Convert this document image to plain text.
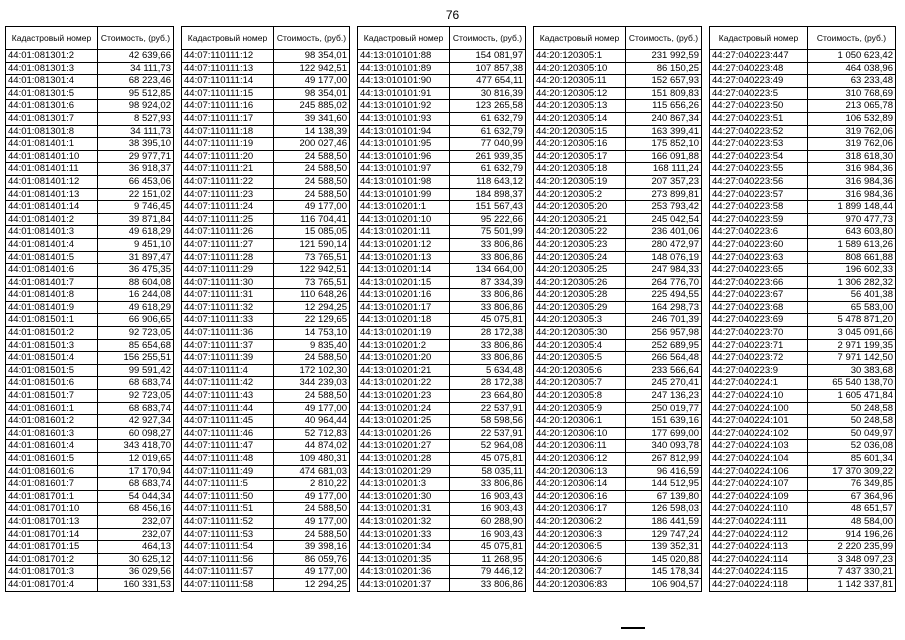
76
Кадастровый номер	Стоимость, (руб.)
44:01:081301:2	42 639,66
44:01:081301:3	34 111,73
44:01:081301:4	68 223,46
44:01:081301:5	95 512,85
44:01:081301:6	98 924,02
44:01:081301:7	8 527,93
44:01:081301:8	34 111,73
44:01:081401:1	38 395,10
44:01:081401:10	29 977,71
44:01:081401:11	36 918,37
44:01:081401:12	66 453,06
44:01:081401:13	22 151,02
44:01:081401:14	9 746,45
44:01:081401:2	39 871,84
44:01:081401:3	49 618,29
44:01:081401:4	9 451,10
44:01:081401:5	31 897,47
44:01:081401:6	36 475,35
44:01:081401:7	88 604,08
44:01:081401:8	16 244,08
44:01:081401:9	49 618,29
44:01:081501:1	66 906,65
44:01:081501:2	92 723,05
44:01:081501:3	85 654,68
44:01:081501:4	156 255,51
44:01:081501:5	99 591,42
44:01:081501:6	68 683,74
44:01:081501:7	92 723,05
44:01:081601:1	68 683,74
44:01:081601:2	42 927,34
44:01:081601:3	60 098,27
44:01:081601:4	343 418,70
44:01:081601:5	12 019,65
44:01:081601:6	17 170,94
44:01:081601:7	68 683,74
44:01:081701:1	54 044,34
44:01:081701:10	68 456,16
44:01:081701:13	232,07
44:01:081701:14	232,07
44:01:081701:15	464,13
44:01:081701:2	30 625,12
44:01:081701:3	36 029,56
44:01:081701:4	160 331,53
Кадастровый номер	Стоимость, (руб.)
44:07:110111:12	98 354,01
44:07:110111:13	122 942,51
44:07:110111:14	49 177,00
44:07:110111:15	98 354,01
44:07:110111:16	245 885,02
44:07:110111:17	39 341,60
44:07:110111:18	14 138,39
44:07:110111:19	200 027,46
44:07:110111:20	24 588,50
44:07:110111:21	24 588,50
44:07:110111:22	24 588,50
44:07:110111:23	24 588,50
44:07:110111:24	49 177,00
44:07:110111:25	116 704,41
44:07:110111:26	15 085,05
44:07:110111:27	121 590,14
44:07:110111:28	73 765,51
44:07:110111:29	122 942,51
44:07:110111:30	73 765,51
44:07:110111:31	110 648,26
44:07:110111:32	12 294,25
44:07:110111:33	22 129,65
44:07:110111:36	14 753,10
44:07:110111:37	9 835,40
44:07:110111:39	24 588,50
44:07:110111:4	172 102,30
44:07:110111:42	344 239,03
44:07:110111:43	24 588,50
44:07:110111:44	49 177,00
44:07:110111:45	40 964,44
44:07:110111:46	52 712,83
44:07:110111:47	44 874,02
44:07:110111:48	109 480,31
44:07:110111:49	474 681,03
44:07:110111:5	2 810,22
44:07:110111:50	49 177,00
44:07:110111:51	24 588,50
44:07:110111:52	49 177,00
44:07:110111:53	24 588,50
44:07:110111:54	39 398,16
44:07:110111:56	86 059,76
44:07:110111:57	49 177,00
44:07:110111:58	12 294,25
Кадастровый номер	Стоимость, (руб.)
44:13:010101:88	154 081,97
44:13:010101:89	107 857,38
44:13:010101:90	477 654,11
44:13:010101:91	30 816,39
44:13:010101:92	123 265,58
44:13:010101:93	61 632,79
44:13:010101:94	61 632,79
44:13:010101:95	77 040,99
44:13:010101:96	261 939,35
44:13:010101:97	61 632,79
44:13:010101:98	118 643,12
44:13:010101:99	184 898,37
44:13:010201:1	151 567,43
44:13:010201:10	95 222,66
44:13:010201:11	75 501,99
44:13:010201:12	33 806,86
44:13:010201:13	33 806,86
44:13:010201:14	134 664,00
44:13:010201:15	87 334,39
44:13:010201:16	33 806,86
44:13:010201:17	33 806,86
44:13:010201:18	45 075,81
44:13:010201:19	28 172,38
44:13:010201:2	33 806,86
44:13:010201:20	33 806,86
44:13:010201:21	5 634,48
44:13:010201:22	28 172,38
44:13:010201:23	23 664,80
44:13:010201:24	22 537,91
44:13:010201:25	58 598,56
44:13:010201:26	22 537,91
44:13:010201:27	52 964,08
44:13:010201:28	45 075,81
44:13:010201:29	58 035,11
44:13:010201:3	33 806,86
44:13:010201:30	16 903,43
44:13:010201:31	16 903,43
44:13:010201:32	60 288,90
44:13:010201:33	16 903,43
44:13:010201:34	45 075,81
44:13:010201:35	11 268,95
44:13:010201:36	79 446,12
44:13:010201:37	33 806,86
Кадастровый номер	Стоимость, (руб.)
44:20:120305:1	231 992,59
44:20:120305:10	86 150,25
44:20:120305:11	152 657,93
44:20:120305:12	151 809,83
44:20:120305:13	115 656,26
44:20:120305:14	240 867,34
44:20:120305:15	163 399,41
44:20:120305:16	175 852,10
44:20:120305:17	166 091,88
44:20:120305:18	168 111,24
44:20:120305:19	207 357,23
44:20:120305:2	273 899,81
44:20:120305:20	253 793,42
44:20:120305:21	245 042,54
44:20:120305:22	236 401,06
44:20:120305:23	280 472,97
44:20:120305:24	148 076,19
44:20:120305:25	247 984,33
44:20:120305:26	264 776,70
44:20:120305:28	225 494,55
44:20:120305:29	164 298,73
44:20:120305:3	246 701,39
44:20:120305:30	256 957,98
44:20:120305:4	252 689,95
44:20:120305:5	266 564,48
44:20:120305:6	233 566,64
44:20:120305:7	245 270,41
44:20:120305:8	247 136,23
44:20:120305:9	250 019,77
44:20:120306:1	151 639,16
44:20:120306:10	177 699,00
44:20:120306:11	340 093,78
44:20:120306:12	267 812,99
44:20:120306:13	96 416,59
44:20:120306:14	144 512,95
44:20:120306:16	67 139,80
44:20:120306:17	126 598,03
44:20:120306:2	186 441,59
44:20:120306:3	129 747,24
44:20:120306:5	139 352,31
44:20:120306:6	145 020,88
44:20:120306:7	145 178,34
44:20:120306:83	106 904,57
Кадастровый номер	Стоимость, (руб.)
44:27:040223:447	1 050 623,42
44:27:040223:48	464 038,96
44:27:040223:49	63 233,48
44:27:040223:5	310 768,69
44:27:040223:50	213 065,78
44:27:040223:51	106 532,89
44:27:040223:52	319 762,06
44:27:040223:53	319 762,06
44:27:040223:54	318 618,30
44:27:040223:55	316 984,36
44:27:040223:56	316 984,36
44:27:040223:57	316 984,36
44:27:040223:58	1 899 148,44
44:27:040223:59	970 477,73
44:27:040223:6	643 603,80
44:27:040223:60	1 589 613,26
44:27:040223:63	808 661,88
44:27:040223:65	196 602,33
44:27:040223:66	1 306 282,32
44:27:040223:67	56 401,38
44:27:040223:68	65 583,00
44:27:040223:69	5 478 871,20
44:27:040223:70	3 045 091,66
44:27:040223:71	2 971 199,35
44:27:040223:72	7 971 142,50
44:27:040223:9	30 383,68
44:27:040224:1	65 540 138,70
44:27:040224:10	1 605 471,84
44:27:040224:100	50 248,58
44:27:040224:101	50 248,58
44:27:040224:102	50 049,97
44:27:040224:103	52 036,08
44:27:040224:104	85 601,34
44:27:040224:106	17 370 309,22
44:27:040224:107	76 349,85
44:27:040224:109	67 364,96
44:27:040224:110	48 651,57
44:27:040224:111	48 584,00
44:27:040224:112	914 196,26
44:27:040224:113	2 220 235,99
44:27:040224:114	3 348 097,23
44:27:040224:115	7 437 330,21
44:27:040224:118	1 142 337,81
